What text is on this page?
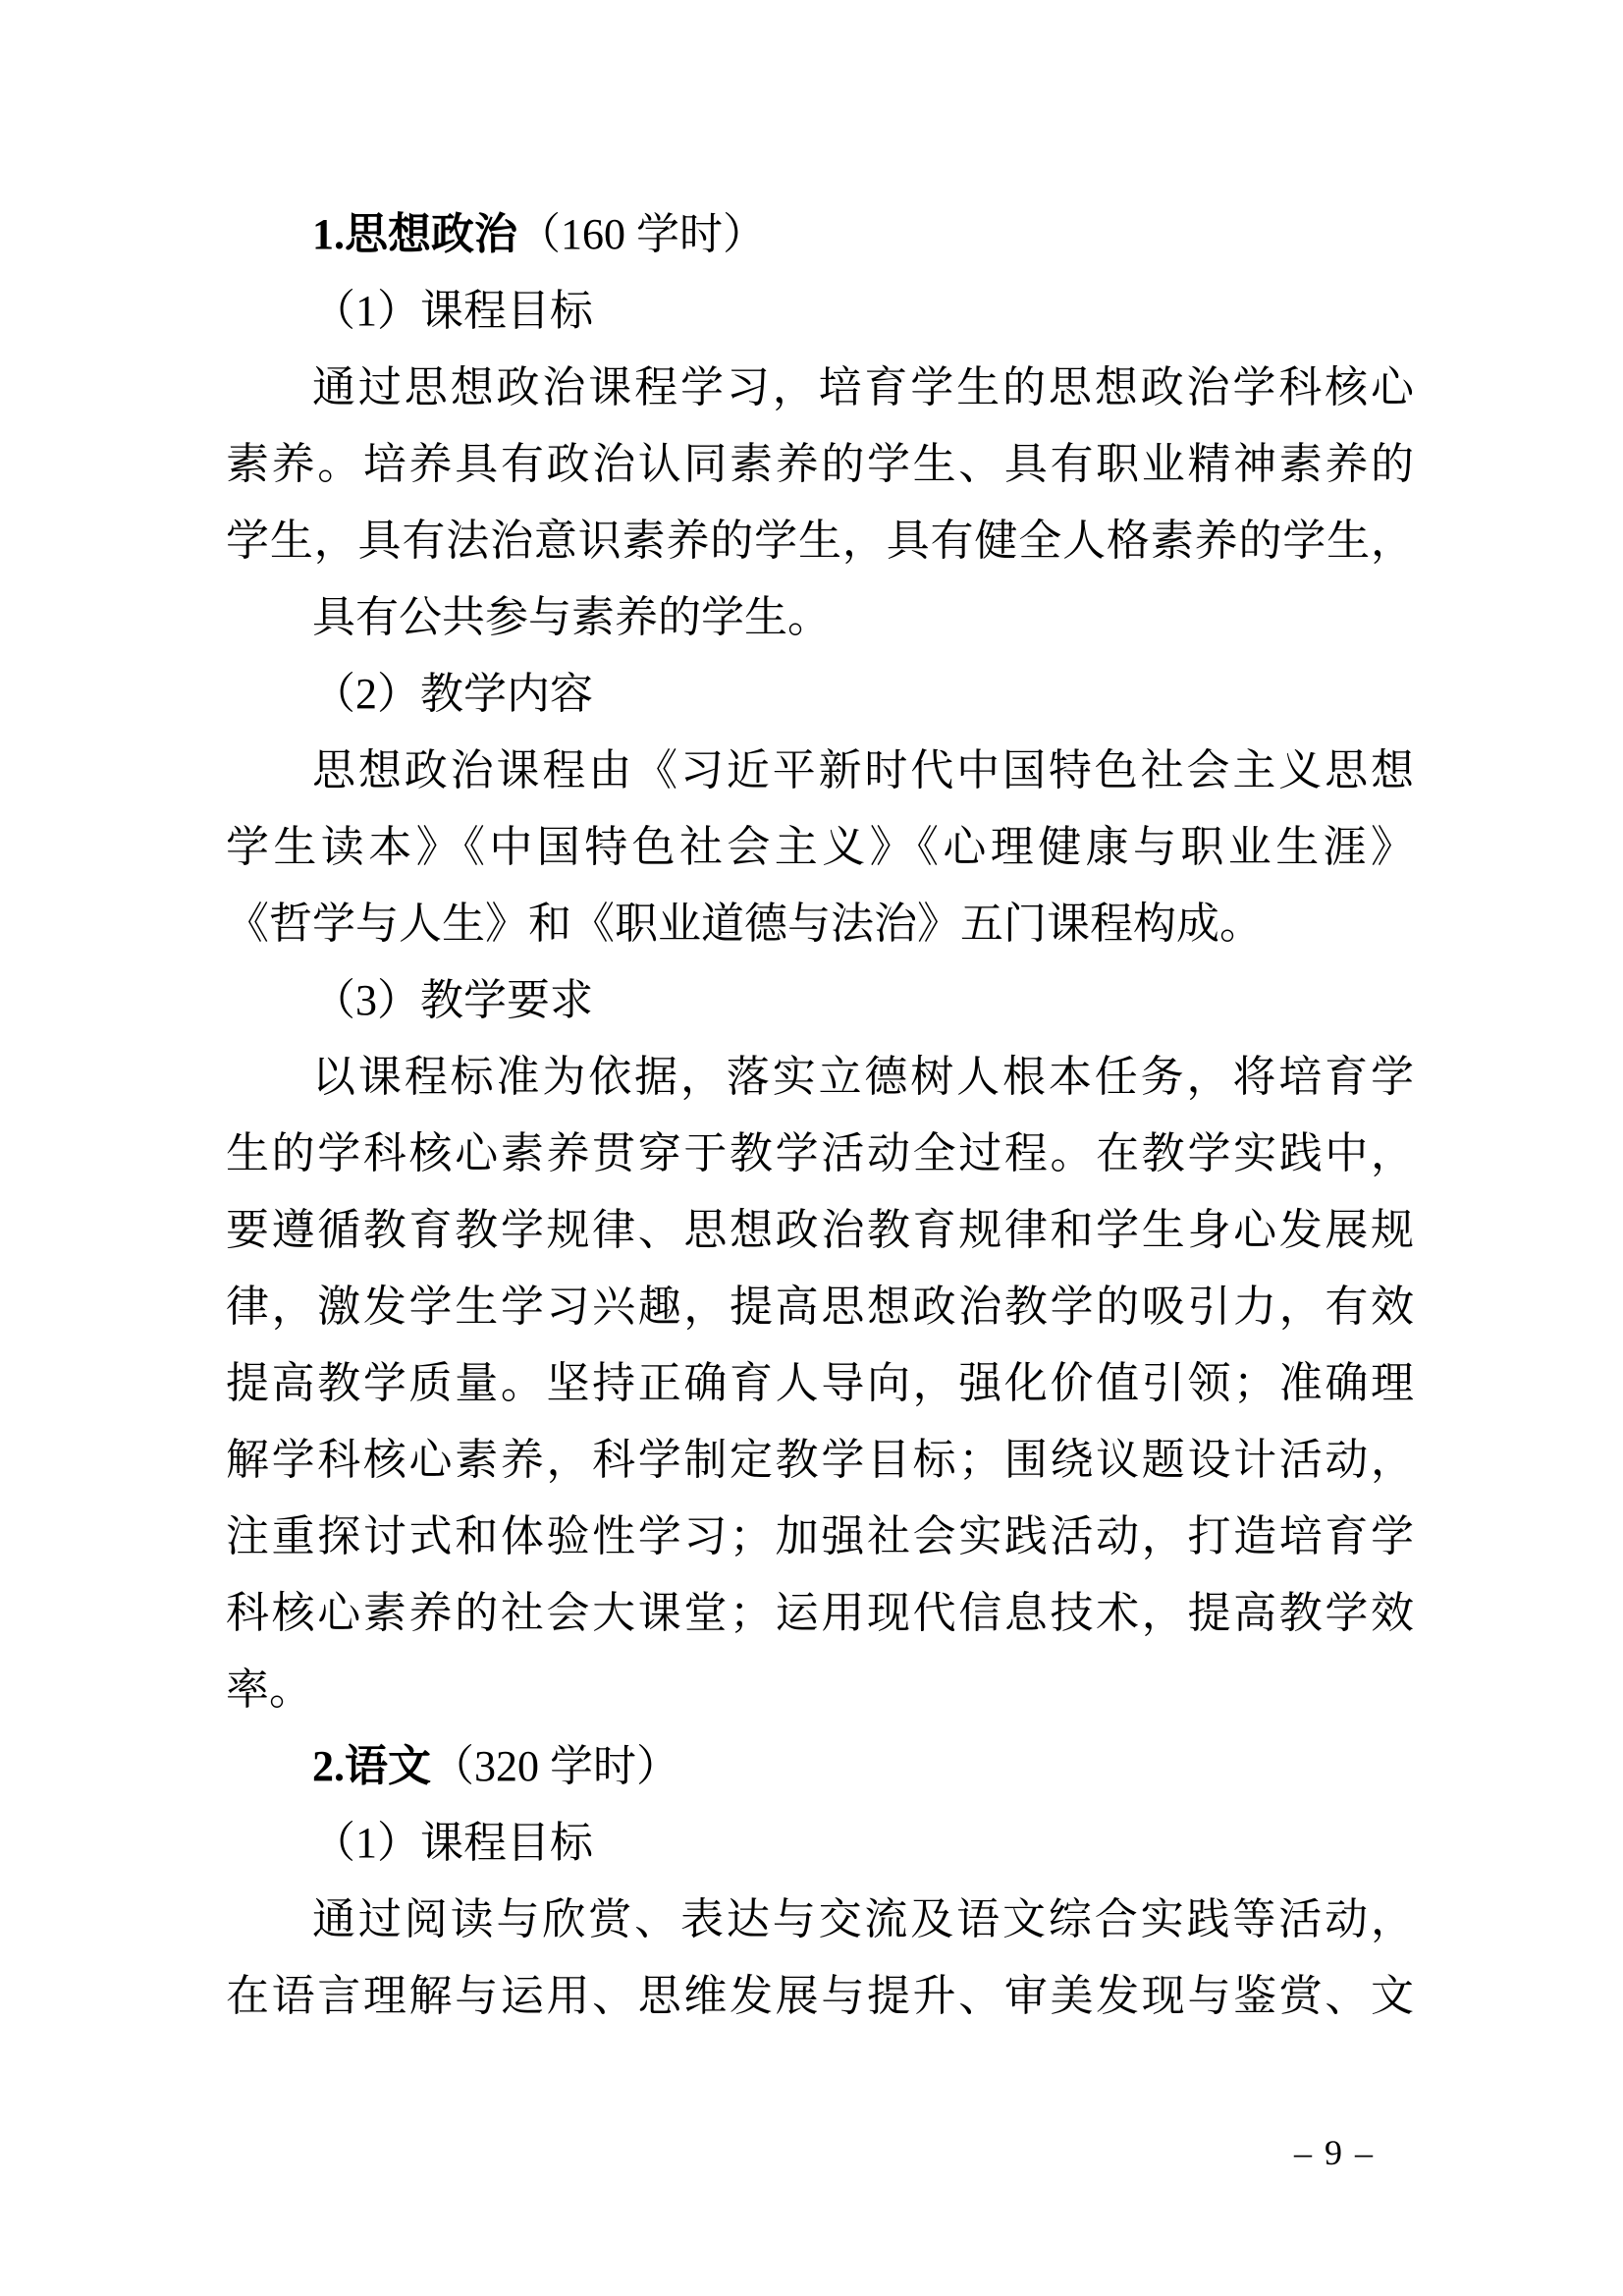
1.思想政治（160 学时）
（1）课程目标
通过思想政治课程学习，培育学生的思想政治学科核心
素养。培养具有政治认同素养的学生、具有职业精神素养的
学生，具有法治意识素养的学生，具有健全人格素养的学生，
具有公共参与素养的学生。
（2）教学内容
思想政治课程由《习近平新时代中国特色社会主义思想
学生读本》《中国特色社会主义》《心理健康与职业生涯》
《哲学与人生》和《职业道德与法治》五门课程构成。
（3）教学要求
以课程标准为依据，落实立德树人根本任务，将培育学
生的学科核心素养贯穿于教学活动全过程。在教学实践中，
要遵循教育教学规律、思想政治教育规律和学生身心发展规
律，激发学生学习兴趣，提高思想政治教学的吸引力，有效
提高教学质量。坚持正确育人导向，强化价值引领；准确理
解学科核心素养，科学制定教学目标；围绕议题设计活动，
注重探讨式和体验性学习；加强社会实践活动，打造培育学
科核心素养的社会大课堂；运用现代信息技术，提高教学效
率。
2.语文（320 学时）
（1）课程目标
通过阅读与欣赏、表达与交流及语文综合实践等活动，
在语言理解与运用、思维发展与提升、审美发现与鉴赏、文
– 9 –
